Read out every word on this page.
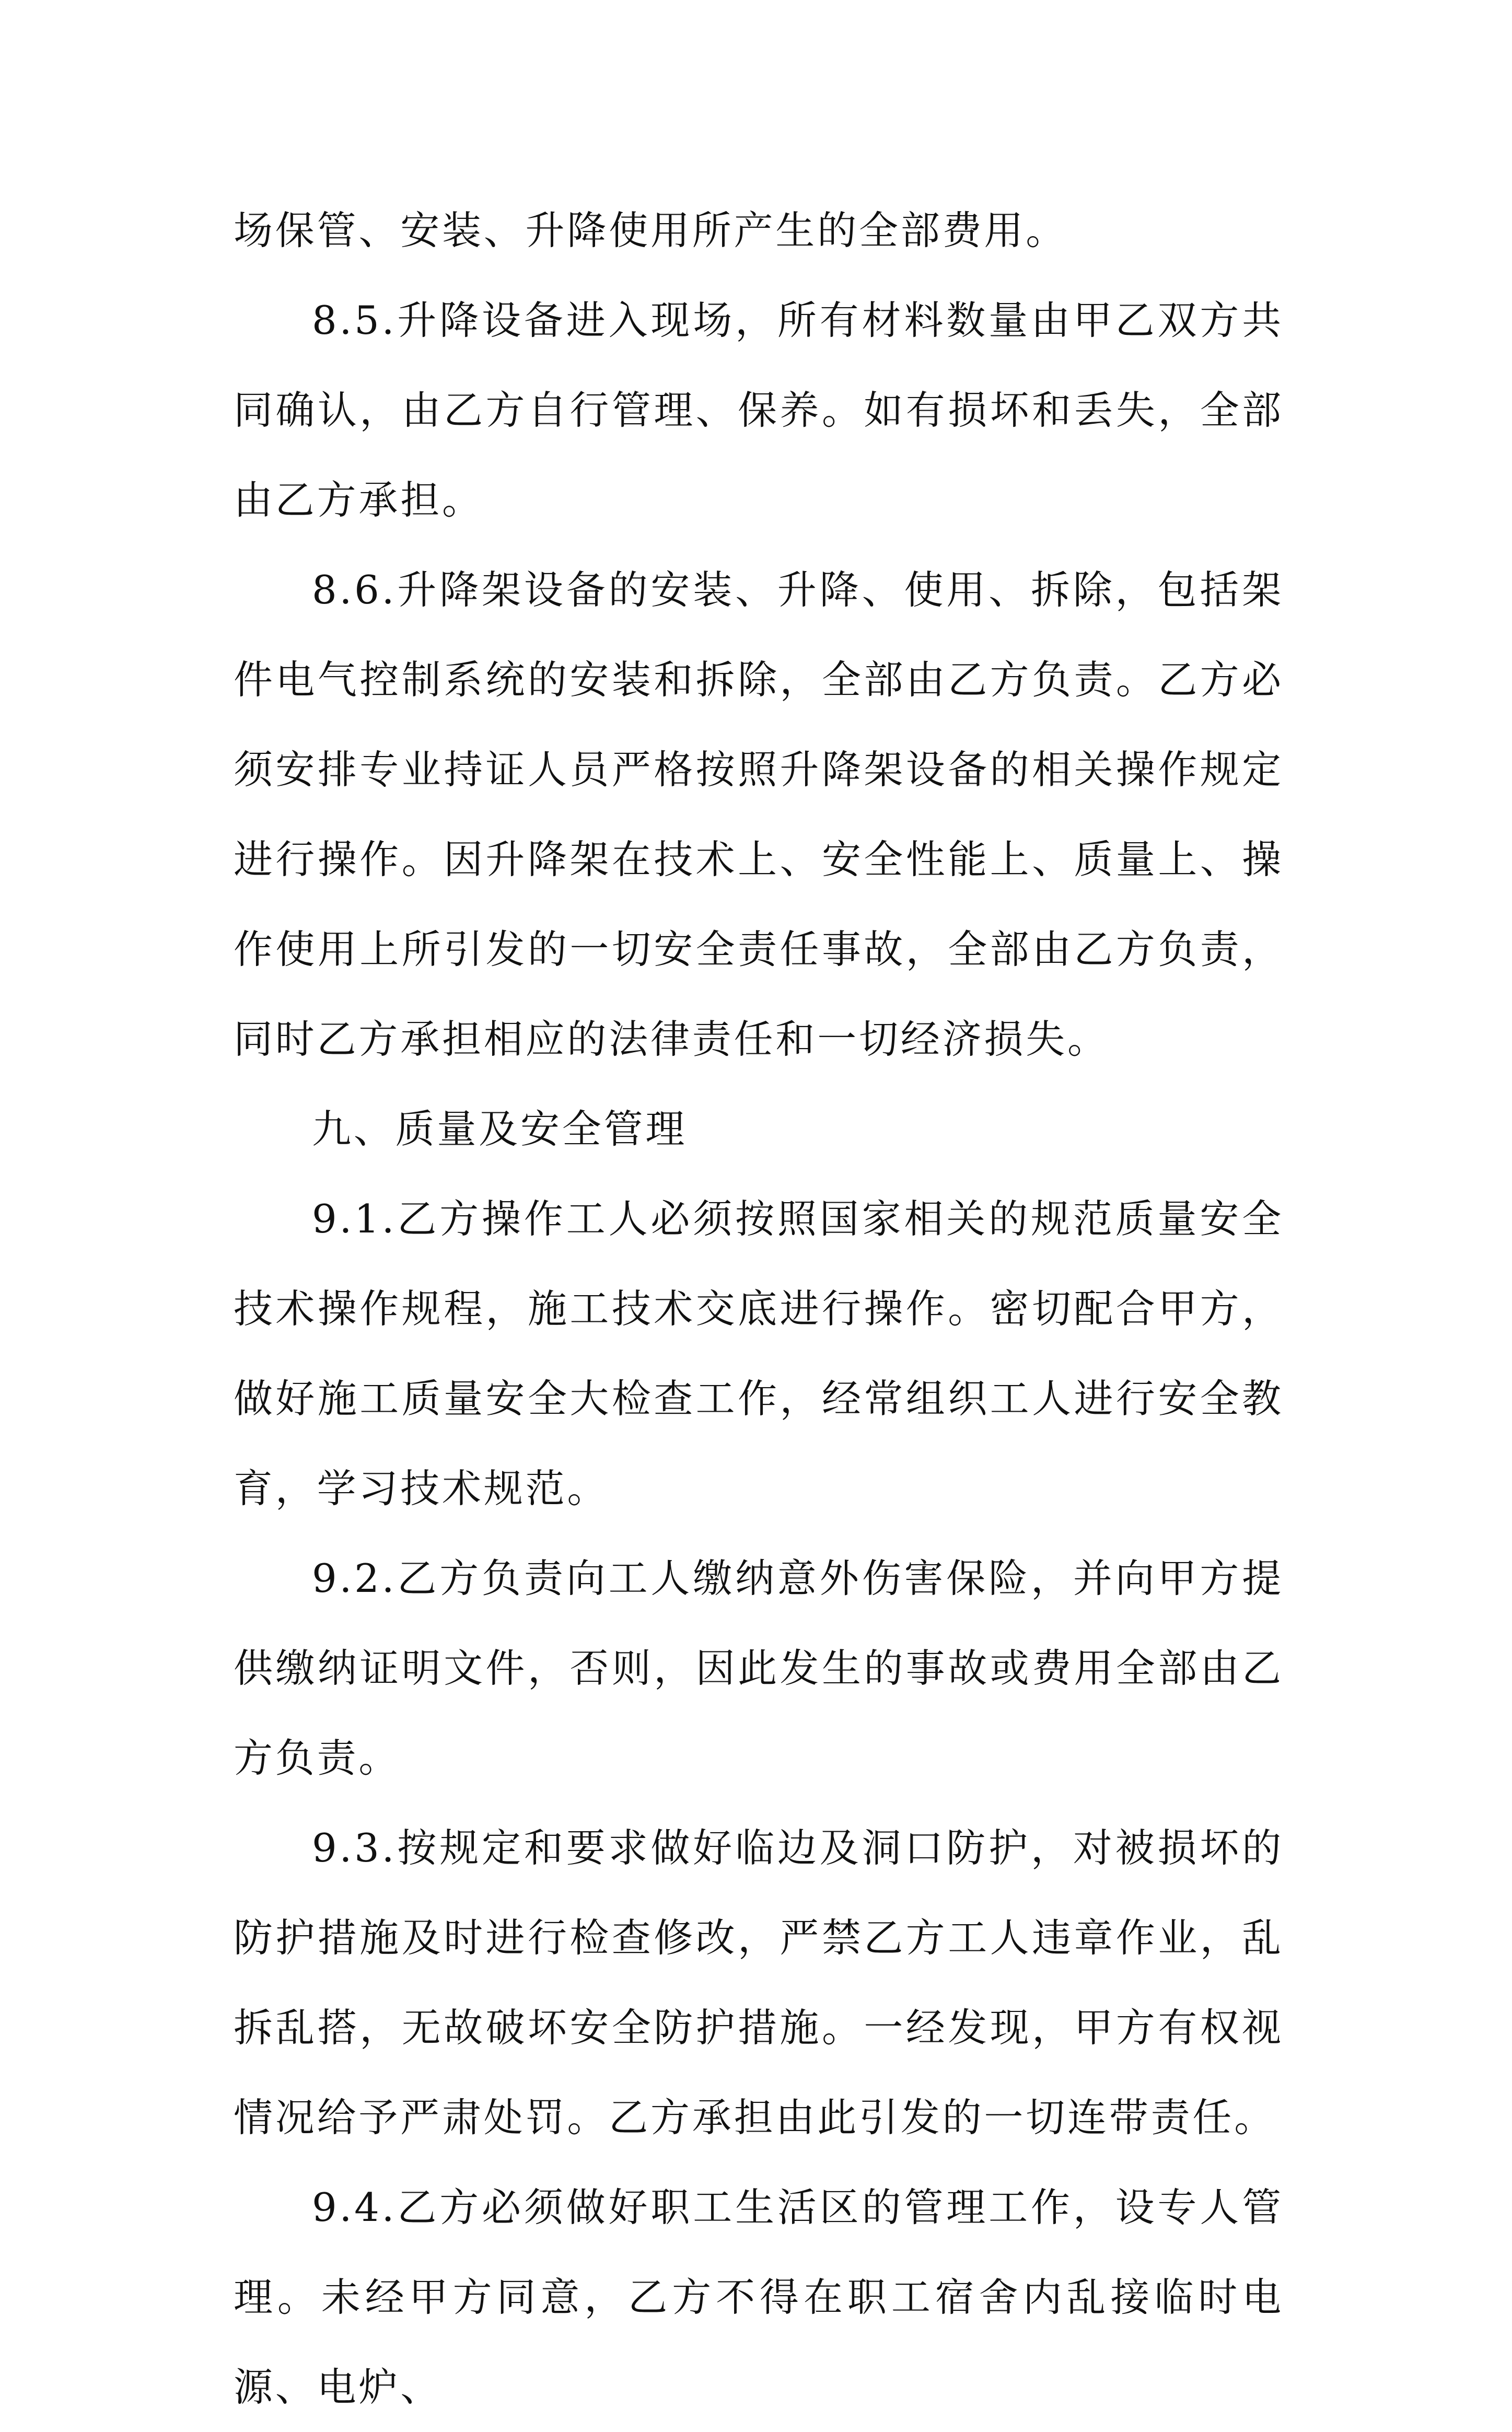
场保管、安装、升降使用所产生的全部费用。

8.5.升降设备进入现场，所有材料数量由甲乙双方共同确认，由乙方自行管理、保养。如有损坏和丢失，全部由乙方承担。

8.6.升降架设备的安装、升降、使用、拆除，包括架件电气控制系统的安装和拆除，全部由乙方负责。乙方必须安排专业持证人员严格按照升降架设备的相关操作规定进行操作。因升降架在技术上、安全性能上、质量上、操作使用上所引发的一切安全责任事故，全部由乙方负责，同时乙方承担相应的法律责任和一切经济损失。

九、质量及安全管理

9.1.乙方操作工人必须按照国家相关的规范质量安全技术操作规程，施工技术交底进行操作。密切配合甲方，做好施工质量安全大检查工作，经常组织工人进行安全教育，学习技术规范。

9.2.乙方负责向工人缴纳意外伤害保险，并向甲方提供缴纳证明文件，否则，因此发生的事故或费用全部由乙方负责。

9.3.按规定和要求做好临边及洞口防护，对被损坏的防护措施及时进行检查修改，严禁乙方工人违章作业，乱拆乱搭，无故破坏安全防护措施。一经发现，甲方有权视情况给予严肃处罚。乙方承担由此引发的一切连带责任。

9.4.乙方必须做好职工生活区的管理工作，设专人管理。未经甲方同意，乙方不得在职工宿舍内乱接临时电源、电炉、
